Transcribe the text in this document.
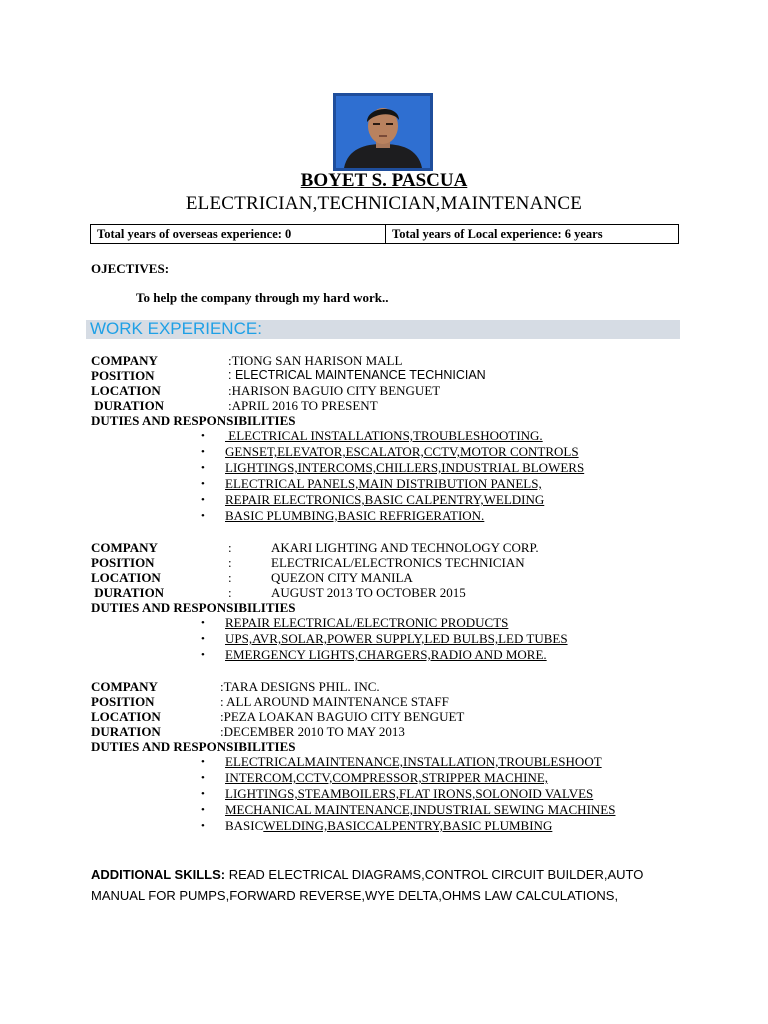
BOYET S. PASCUA
ELECTRICIAN,TECHNICIAN,MAINTENANCE
Total years of overseas experience: 0	Total years of Local experience: 6 years
OJECTIVES:
To help the company through my hard work..
WORK EXPERIENCE:
COMPANY	:TIONG SAN HARISON MALL
POSITION	: ELECTRICAL MAINTENANCE TECHNICIAN
LOCATION	:HARISON BAGUIO CITY BENGUET
DURATION	:APRIL 2016 TO PRESENT
DUTIES AND RESPONSIBILITIES
• ELECTRICAL INSTALLATIONS,TROUBLESHOOTING.
• GENSET,ELEVATOR,ESCALATOR,CCTV,MOTOR CONTROLS
• LIGHTINGS,INTERCOMS,CHILLERS,INDUSTRIAL BLOWERS
• ELECTRICAL PANELS,MAIN DISTRIBUTION PANELS,
• REPAIR ELECTRONICS,BASIC CALPENTRY,WELDING
• BASIC PLUMBING,BASIC REFRIGERATION.
COMPANY	:	AKARI LIGHTING AND TECHNOLOGY CORP.
POSITION	:	ELECTRICAL/ELECTRONICS TECHNICIAN
LOCATION	:	QUEZON CITY MANILA
DURATION	:	AUGUST 2013 TO OCTOBER 2015
DUTIES AND RESPONSIBILITIES
• REPAIR ELECTRICAL/ELECTRONIC PRODUCTS
• UPS,AVR,SOLAR,POWER SUPPLY,LED BULBS,LED TUBES
• EMERGENCY LIGHTS,CHARGERS,RADIO AND MORE.
COMPANY	:TARA DESIGNS PHIL. INC.
POSITION	: ALL AROUND MAINTENANCE STAFF
LOCATION	:PEZA LOAKAN BAGUIO CITY BENGUET
DURATION	:DECEMBER 2010 TO MAY 2013
DUTIES AND RESPONSIBILITIES
• ELECTRICALMAINTENANCE,INSTALLATION,TROUBLESHOOT
• INTERCOM,CCTV,COMPRESSOR,STRIPPER MACHINE,
• LIGHTINGS,STEAMBOILERS,FLAT IRONS,SOLONOID VALVES
• MECHANICAL MAINTENANCE,INDUSTRIAL SEWING MACHINES
• BASICWELDING,BASICCALPENTRY,BASIC PLUMBING
ADDITIONAL SKILLS: READ ELECTRICAL DIAGRAMS,CONTROL CIRCUIT BUILDER,AUTO MANUAL FOR PUMPS,FORWARD REVERSE,WYE DELTA,OHMS LAW CALCULATIONS,
